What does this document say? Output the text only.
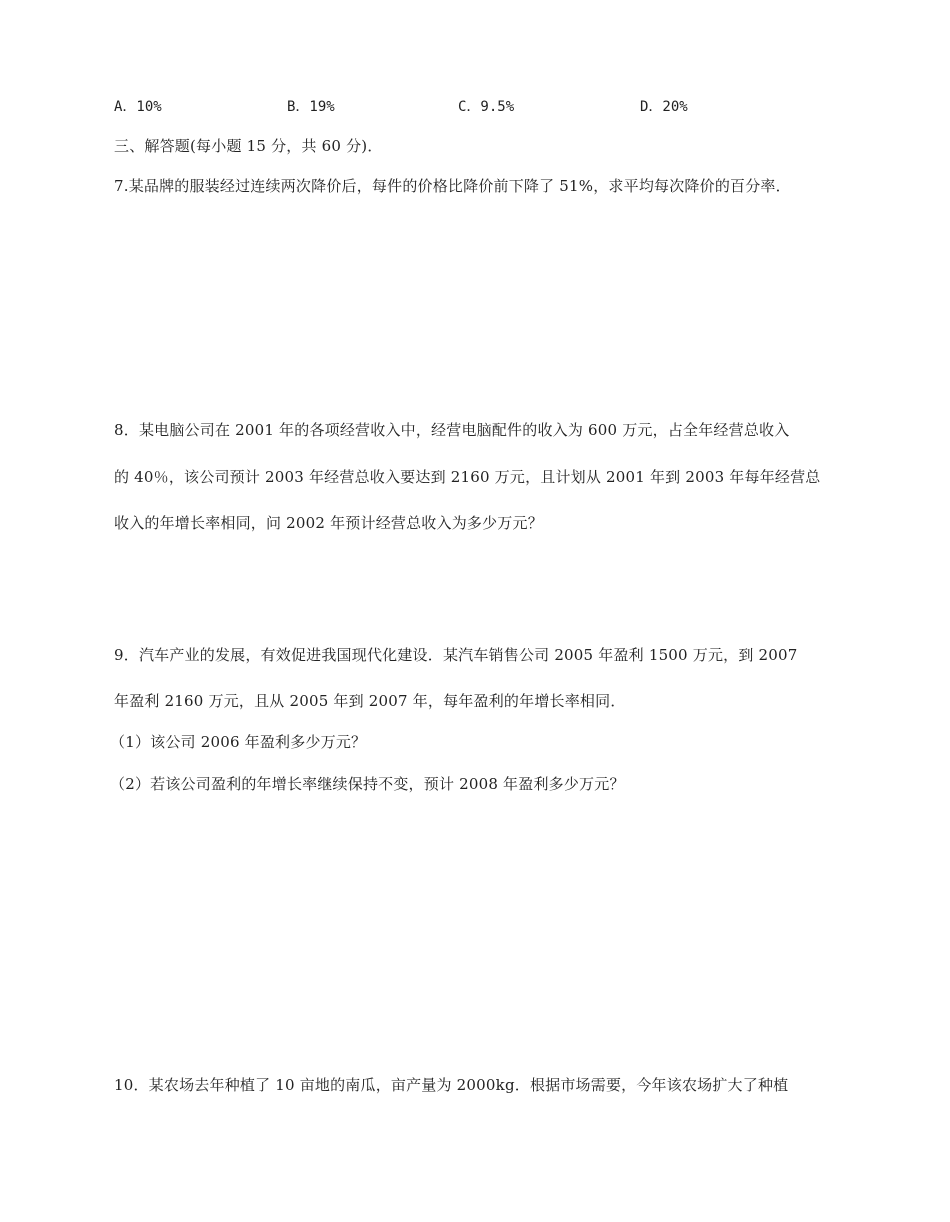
A．10%	B．19%	C．9.5%	D．20%
三、解答题(每小题 15 分，共 60 分)．
7.某品牌的服装经过连续两次降价后，每件的价格比降价前下降了 51%，求平均每次降价的百分率．
8．某电脑公司在 2001 年的各项经营收入中，经营电脑配件的收入为 600 万元，占全年经营总收入
的 40％，该公司预计 2003 年经营总收入要达到 2160 万元，且计划从 2001 年到 2003 年每年经营总
收入的年增长率相同，问 2002 年预计经营总收入为多少万元？
9．汽车产业的发展，有效促进我国现代化建设．某汽车销售公司 2005 年盈利 1500 万元，到 2007
年盈利 2160 万元，且从 2005 年到 2007 年，每年盈利的年增长率相同．
（1）该公司 2006 年盈利多少万元？
（2）若该公司盈利的年增长率继续保持不变，预计 2008 年盈利多少万元？
10．某农场去年种植了 10 亩地的南瓜，亩产量为 2000kg．根据市场需要，今年该农场扩大了种植
